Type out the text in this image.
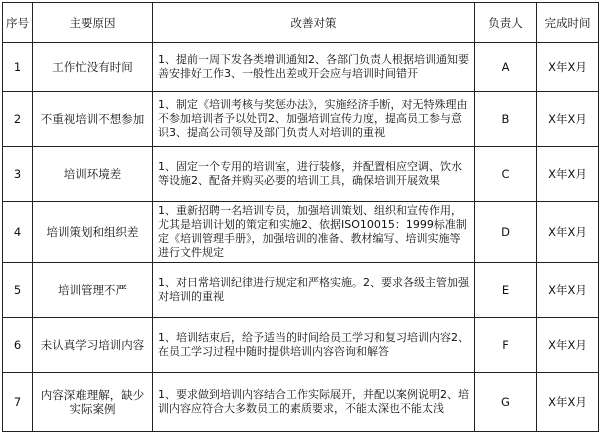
序号	主要原因	改善对策	负责人	完成时间
1	工作忙没有时间	1、提前一周下发各类增训通知2、各部门负责人根据培训通知要善安排好工作3、一般性出差或开会应与培训时间错开	A	X年X月
2	不重视培训不想参加	1、制定《培训考核与奖惩办法》，实施经济手断，对无特殊理由不参加培训者予以处罚2、加强培训宣传力度，提高员工参与意识3、提高公司领导及部门负责人对培训的重视	B	X年X月
3	培训环境差	1、固定一个专用的培训室，进行装修，并配置相应空调、饮水等设施2、配备并购买必要的培训工具，确保培训开展效果	C	X年X月
4	培训策划和组织差	1、重新招聘一名培训专员，加强培训策划、组织和宣传作用，尤其是培训计划的策定和实施2、依据ISO10015：1999标准制定《培训管理手册》，加强培训的准备、教材编写、培训实施等进行文件规定	D	X年X月
5	培训管理不严	1、对日常培训纪律进行规定和严格实施。2、要求各级主管加强对培训的重视	E	X年X月
6	未认真学习培训内容	1、培训结束后，给予适当的时间给员工学习和复习培训内容2、在员工学习过程中随时提供培训内容咨询和解答	F	X年X月
7	内容深难理解，缺少实际案例	1、要求做到培训内容结合工作实际展开，并配以案例说明2、培训内容应符合大多数员工的素质要求，不能太深也不能太浅	G	X年X月
